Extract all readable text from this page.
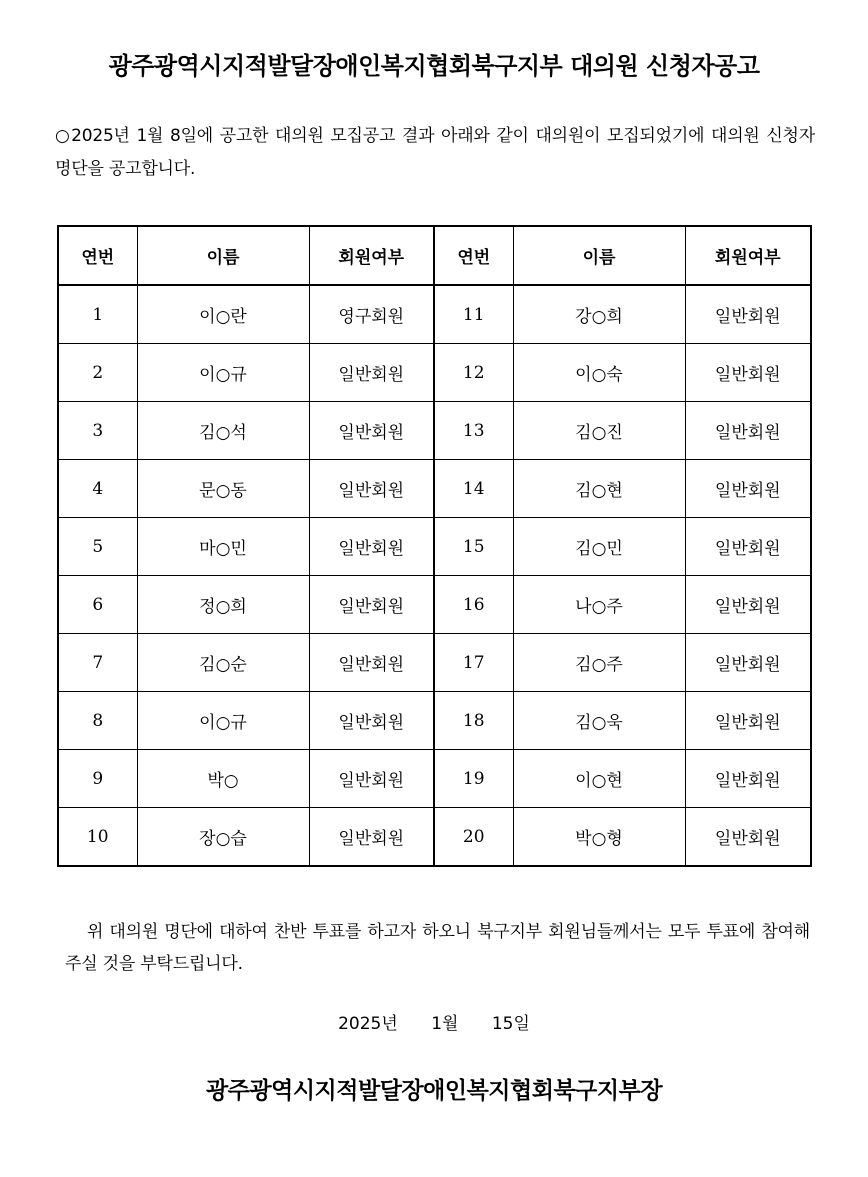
광주광역시지적발달장애인복지협회북구지부 대의원 신청자공고
○2025년 1월 8일에 공고한 대의원 모집공고 결과 아래와 같이 대의원이 모집되었기에 대의원 신청자 명단을 공고합니다.
연번	이름	회원여부	연번	이름	회원여부
1	이○란	영구회원	11	강○희	일반회원
2	이○규	일반회원	12	이○숙	일반회원
3	김○석	일반회원	13	김○진	일반회원
4	문○동	일반회원	14	김○현	일반회원
5	마○민	일반회원	15	김○민	일반회원
6	정○희	일반회원	16	나○주	일반회원
7	김○순	일반회원	17	김○주	일반회원
8	이○규	일반회원	18	김○욱	일반회원
9	박○	일반회원	19	이○현	일반회원
10	장○습	일반회원	20	박○형	일반회원
위 대의원 명단에 대하여 찬반 투표를 하고자 하오니 북구지부 회원님들께서는 모두 투표에 참여해 주실 것을 부탁드립니다.
2025년 1월 15일
광주광역시지적발달장애인복지협회북구지부장
